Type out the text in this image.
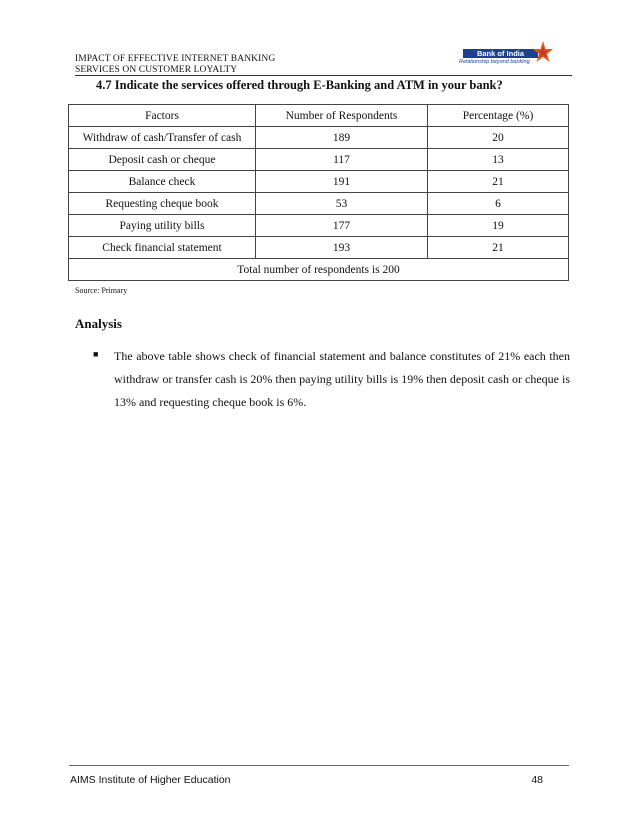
IMPACT OF EFFECTIVE INTERNET BANKING
SERVICES ON CUSTOMER LOYALTY
Bank of India
Relationship beyond banking
4.7 Indicate the services offered through E-Banking and ATM in your bank?
Factors	Number of Respondents	Percentage (%)
Withdraw of cash/Transfer of cash	189	20
Deposit cash or cheque	117	13
Balance check	191	21
Requesting cheque book	53	6
Paying utility bills	177	19
Check financial statement	193	21
Total number of respondents is 200		
Source: Primary
Analysis
■ The above table shows check of financial statement and balance constitutes of 21% each then withdraw or transfer cash is 20% then paying utility bills is 19% then deposit cash or cheque is 13% and requesting cheque book is 6%.
AIMS Institute of Higher Education	48
